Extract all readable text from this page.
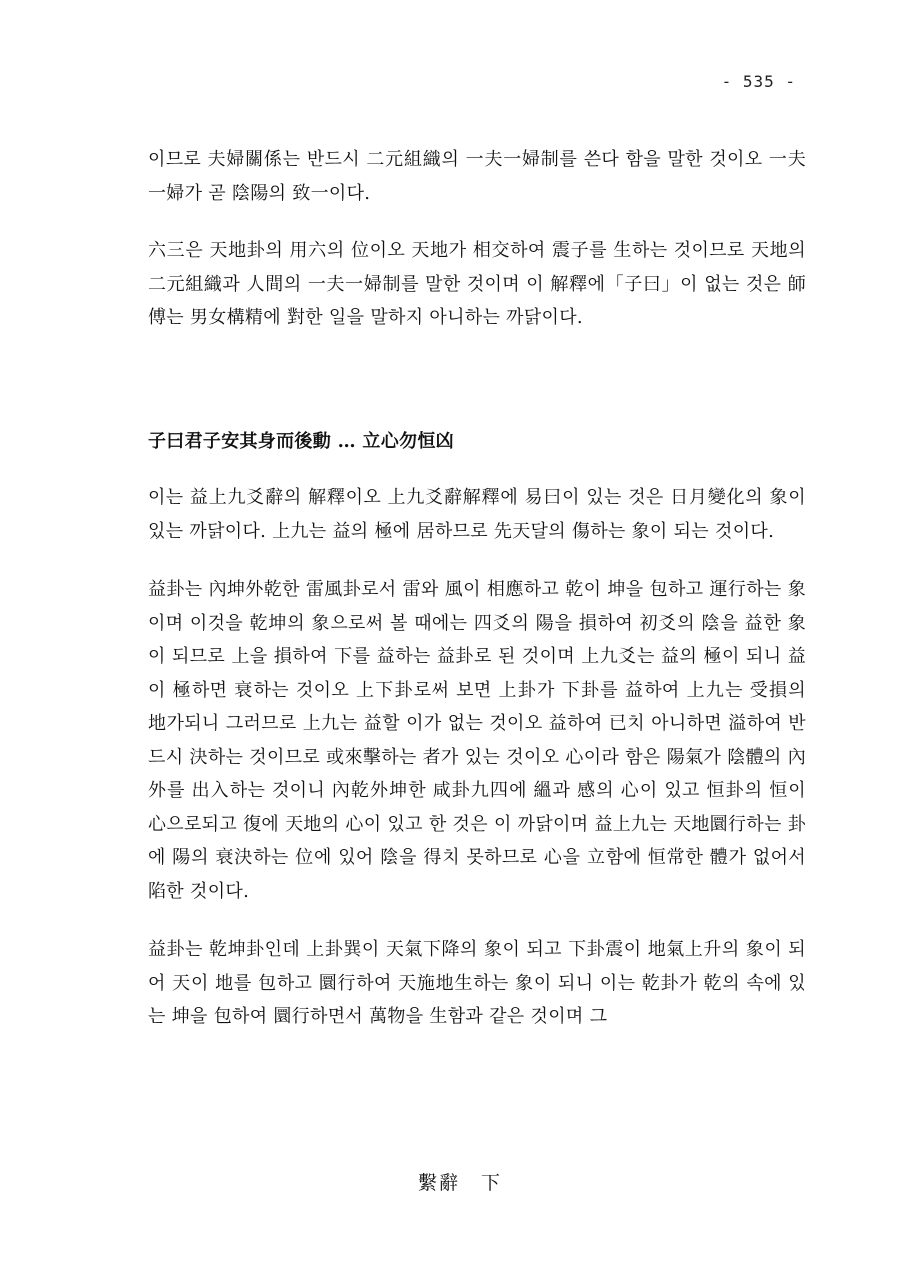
- 535 -

이므로 夫婦關係는 반드시 二元組織의 一夫一婦制를 쓴다 함을 말한 것이오 一夫一婦가 곧 陰陽의 致一이다.

六三은 天地卦의 用六의 位이오 天地가 相交하여 震子를 生하는 것이므로 天地의 二元組織과 人間의 一夫一婦制를 말한 것이며 이 解釋에「子曰」이 없는 것은 師傅는 男女構精에 對한 일을 말하지 아니하는 까닭이다.

子曰君子安其身而後動 … 立心勿恒凶

이는 益上九爻辭의 解釋이오 上九爻辭解釋에 易曰이 있는 것은 日月變化의 象이 있는 까닭이다. 上九는 益의 極에 居하므로 先天달의 傷하는 象이 되는 것이다.

益卦는 內坤外乾한 雷風卦로서 雷와 風이 相應하고 乾이 坤을 包하고 運行하는 象이며 이것을 乾坤의 象으로써 볼 때에는 四爻의 陽을 損하여 初爻의 陰을 益한 象이 되므로 上을 損하여 下를 益하는 益卦로 된 것이며 上九爻는 益의 極이 되니 益이 極하면 衰하는 것이오 上下卦로써 보면 上卦가 下卦를 益하여 上九는 受損의 地가되니 그러므로 上九는 益할 이가 없는 것이오 益하여 已치 아니하면 溢하여 반드시 決하는 것이므로 或來擊하는 者가 있는 것이오 心이라 함은 陽氣가 陰體의 內外를 出入하는 것이니 內乾外坤한 咸卦九四에 縕과 感의 心이 있고 恒卦의 恒이 心으로되고 復에 天地의 心이 있고 한 것은 이 까닭이며 益上九는 天地圜行하는 卦에 陽의 衰決하는 位에 있어 陰을 得치 못하므로 心을 立함에 恒常한 體가 없어서 陷한 것이다.

益卦는 乾坤卦인데 上卦巽이 天氣下降의 象이 되고 下卦震이 地氣上升의 象이 되어 天이 地를 包하고 圜行하여 天施地生하는 象이 되니 이는 乾卦가 乾의 속에 있는 坤을 包하여 圜行하면서 萬物을 生함과 같은 것이며 그

繫辭　下
